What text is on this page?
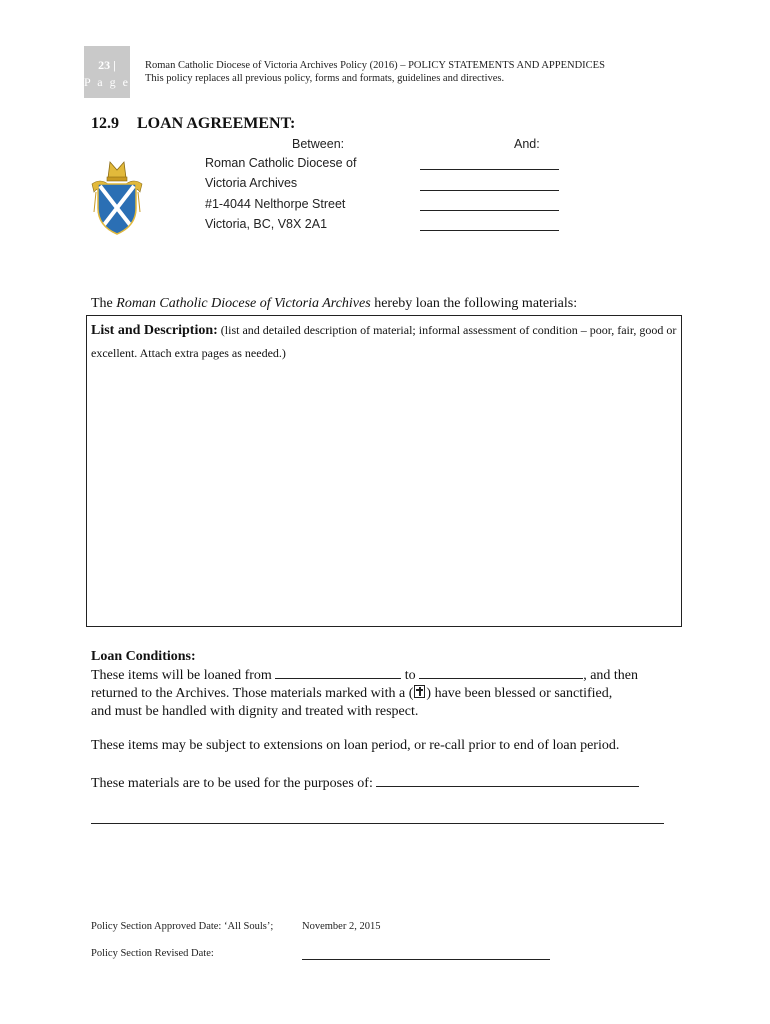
23 |
P a g e
Roman Catholic Diocese of Victoria Archives Policy (2016) – POLICY STATEMENTS AND APPENDICES
This policy replaces all previous policy, forms and formats, guidelines and directives.
12.9 LOAN AGREEMENT:
Between:	And:
Roman Catholic Diocese of
Victoria Archives
#1-4044 Nelthorpe Street
Victoria, BC, V8X 2A1
The Roman Catholic Diocese of Victoria Archives hereby loan the following materials:
List and Description: (list and detailed description of material; informal assessment of condition – poor, fair, good or excellent. Attach extra pages as needed.)
Loan Conditions:
These items will be loaned from	to	, and then
returned to the Archives. Those materials marked with a (☒) have been blessed or sanctified,
and must be handled with dignity and treated with respect.
These items may be subject to extensions on loan period, or re-call prior to end of loan period.
These materials are to be used for the purposes of:
Policy Section Approved Date: ‘All Souls’;	November 2, 2015
Policy Section Revised Date:
